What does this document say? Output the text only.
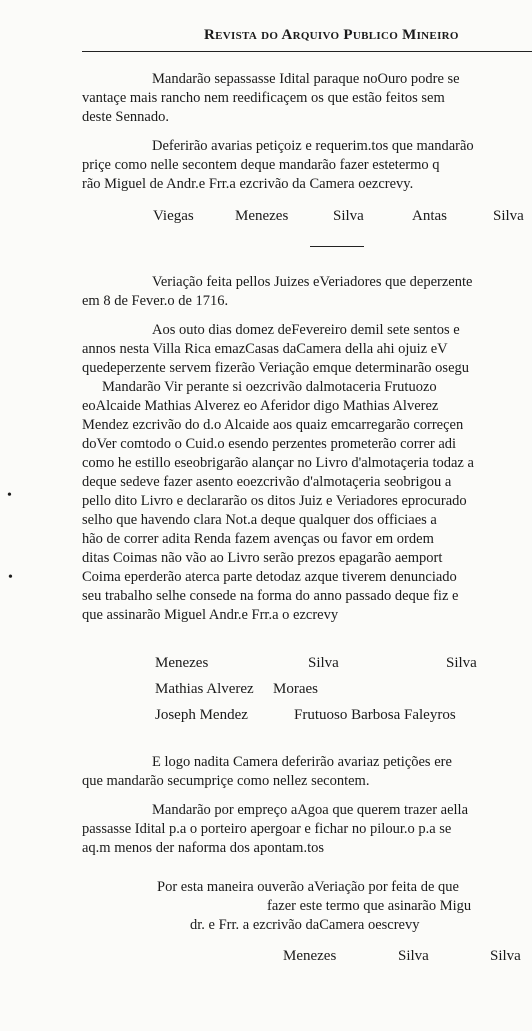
Revista do Arquivo Publico Mineiro
•
•
Mandarão sepassasse Idital paraque noOuro podre se
vantaçe mais rancho nem reedificaçem os que estão feitos sem
deste Sennado.
Deferirão avarias petiçoiz e requerim.tos que mandarão
priçe como nelle secontem deque mandarão fazer estetermo q
rão Miguel de Andr.e Frr.a ezcrivão da Camera oezcrevy.
Veriação feita pellos Juizes eVeriadores que deperzente
em 8 de Fever.o de 1716.
Aos outo dias domez deFevereiro demil sete sentos e
annos nesta Villa Rica emazCasas daCamera della ahi ojuiz eV
quedeperzente servem fizerão Veriação emque determinarão osegu
Mandarão Vir perante si oezcrivão dalmotaceria Frutuozo
eoAlcaide Mathias Alverez eo Aferidor digo Mathias Alverez
Mendez ezcrivão do d.o Alcaide aos quaiz emcarregarão correçen
doVer comtodo o Cuid.o esendo perzentes prometerão correr adi
como he estillo eseobrigarão alançar no Livro d'almotaçeria todaz a
deque sedeve fazer asento eoezcrivão d'almotaçeria seobrigou a
pello dito Livro e declararão os ditos Juiz e Veriadores eprocurado
selho que havendo clara Not.a deque qualquer dos officiaes a
hão de correr adita Renda fazem avenças ou favor em ordem
ditas Coimas não vão ao Livro serão prezos epagarão aemport
Coima eperderão aterca parte detodaz azque tiverem denunciado
seu trabalho selhe consede na forma do anno passado deque fiz e
que assinarão Miguel Andr.e Frr.a o ezcrevy
E logo nadita Camera deferirão avariaz petições ere
que mandarão secumpriçe como nellez secontem.
Mandarão por empreço aAgoa que querem trazer aella
passasse Idital p.a o porteiro apergoar e fichar no pilour.o p.a se
aq.m menos der naforma dos apontam.tos
Por esta maneira ouverão aVeriação por feita de que
fazer este termo que asinarão Migu
dr. e Frr. a ezcrivão daCamera oescrevy
Viegas	Menezes	Silva	Antas	Silva
Menezes	Silva	Silva
Mathias Alverez Moraes
Joseph Mendez	Frutuoso Barbosa Faleyros
Menezes	Silva	Silva
